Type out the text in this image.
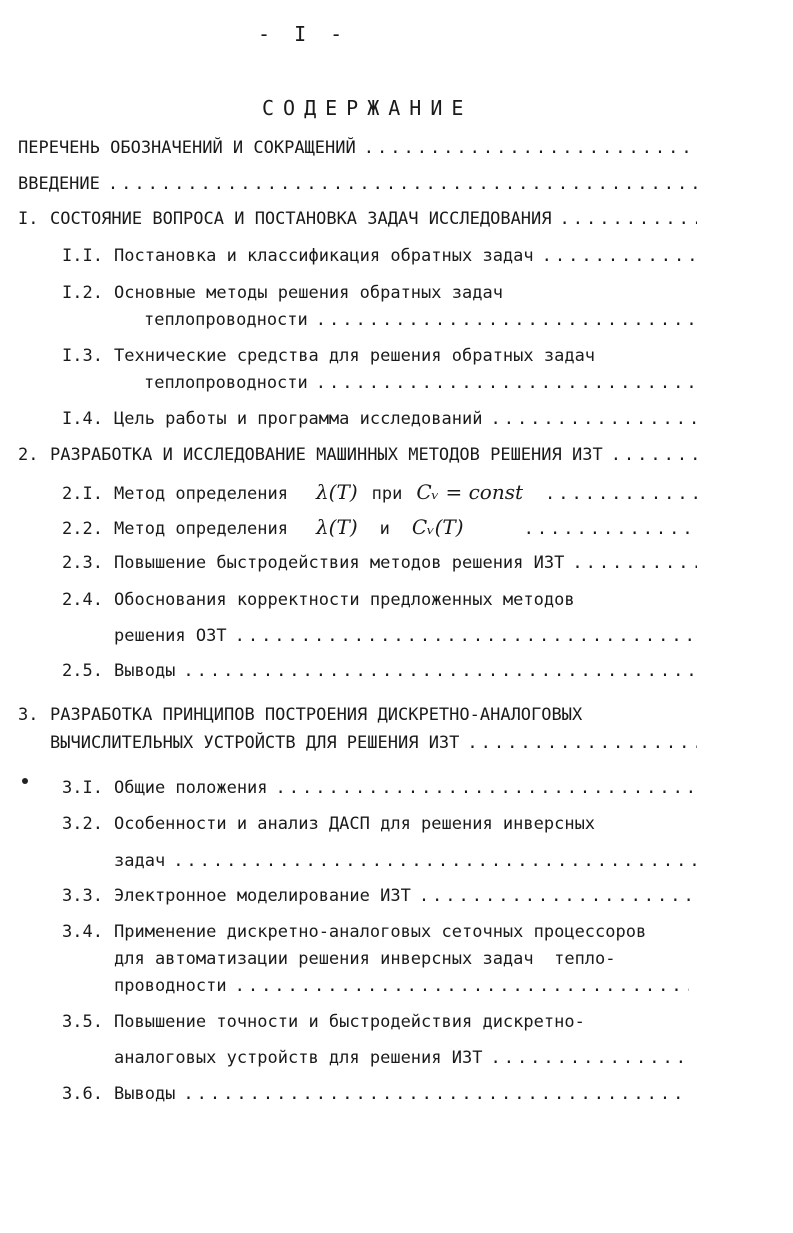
- I -
СОДЕРЖАНИЕ
ПЕРЕЧЕНЬ ОБОЗНАЧЕНИЙ И СОКРАЩЕНИЙ
.....
ВВЕДЕНИЕ
.....
I. СОСТОЯНИЕ ВОПРОСА И ПОСТАНОВКА ЗАДАЧ ИССЛЕДОВАНИЯ
.....
I.I. Постановка и классификация обратных задач
.....
I.2. Основные методы решения обратных задач
теплопроводности
.....
I.3. Технические средства для решения обратных задач
теплопроводности
.....
I.4. Цель работы и программа исследований
.....
2. РАЗРАБОТКА И ИССЛЕДОВАНИЕ МАШИННЫХ МЕТОДОВ РЕШЕНИЯ ИЗТ
.....
2.I. Метод определения λ(T) при Cᵥ = const
.....
2.2. Метод определения λ(T) и Cᵥ(T)
.....
2.3. Повышение быстродействия методов решения ИЗТ
.....
2.4. Обоснования корректности предложенных методов
решения ОЗТ
.....
2.5. Выводы
.....
3. РАЗРАБОТКА ПРИНЦИПОВ ПОСТРОЕНИЯ ДИСКРЕТНО-АНАЛОГОВЫХ
ВЫЧИСЛИТЕЛЬНЫХ УСТРОЙСТВ ДЛЯ РЕШЕНИЯ ИЗТ
.....
3.I. Общие положения
.....
3.2. Особенности и анализ ДАСП для решения инверсных
задач
.....
3.3. Электронное моделирование ИЗТ
.....
3.4. Применение дискретно-аналоговых сеточных процессоров
для автоматизации решения инверсных задач  тепло-
проводности
.....
3.5. Повышение точности и быстродействия дискретно-
аналоговых устройств для решения ИЗТ
.....
3.6. Выводы
.....
